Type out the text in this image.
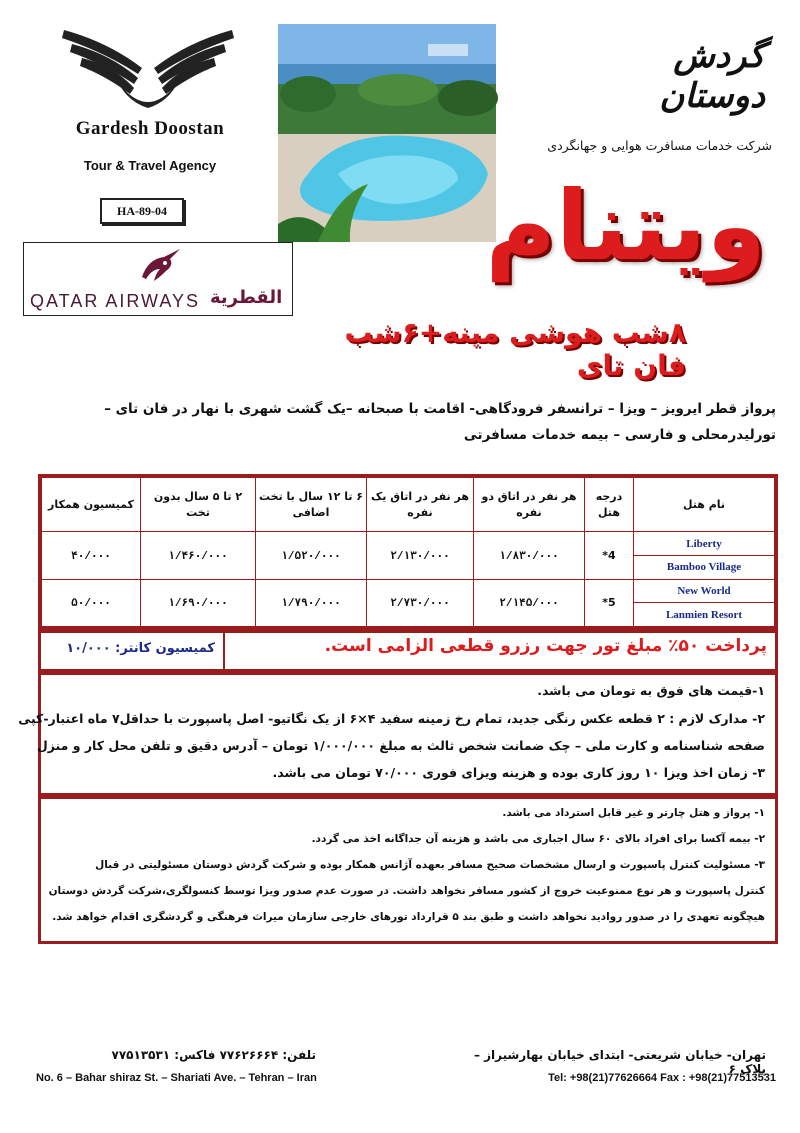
Gardesh Doostan
Tour & Travel Agency
HA-89-04
QATAR AIRWAYS القطرية
گردش دوستان
شرکت خدمات مسافرت هوایی و جهانگردی
ویتنام
۸شب هوشی مینه+۶شب فان تای
پرواز قطر ایرویز – ویزا – ترانسفر فرودگاهی- اقامت با صبحانه –یک گشت شهری با نهار در فان تای –
تورلیدرمحلی و فارسی – بیمه خدمات مسافرتی
نام هتل	درجه هتل	هر نفر در اتاق دو نفره	هر نفر در اتاق یک نفره	۶ تا ۱۲ سال با تخت اضافی	۲ تا ۵ سال بدون تخت	کمیسیون همکار
Liberty	4*	۱/۸۳۰/۰۰۰	۲/۱۳۰/۰۰۰	۱/۵۲۰/۰۰۰	۱/۴۶۰/۰۰۰	۴۰/۰۰۰
Bamboo Village						
New World	5*	۲/۱۴۵/۰۰۰	۲/۷۳۰/۰۰۰	۱/۷۹۰/۰۰۰	۱/۶۹۰/۰۰۰	۵۰/۰۰۰
Lanmien Resort						
پرداخت ۵۰٪ مبلغ تور جهت رزرو قطعی الزامی است.
کمیسیون کانتر: ۱۰/۰۰۰
۱-قیمت های فوق به تومان می باشد.
۲- مدارک لازم : ۲ قطعه عکس رنگی جدید، تمام رخ زمینه سفید ۴×۶ از یک نگاتیو- اصل پاسپورت با حداقل۷ ماه اعتبار-کپی
صفحه شناسنامه و کارت ملی – چک ضمانت شخص ثالث به مبلغ ۱/۰۰۰/۰۰۰ تومان – آدرس دقیق و تلفن محل کار و منزل
۳- زمان اخذ ویزا ۱۰ روز کاری بوده و هزینه ویزای فوری ۷۰/۰۰۰ تومان می باشد.
۱- پرواز و هتل چارتر و غیر قابل استرداد می باشد.
۲- بیمه آکسا برای افراد بالای ۶۰ سال اجباری می باشد و هزینه آن جداگانه اخذ می گردد.
۳- مسئولیت کنترل پاسپورت و ارسال مشخصات صحیح مسافر بعهده آژانس همکار بوده و شرکت گردش دوستان مسئولیتی در قبال
کنترل پاسپورت و هر نوع ممنوعیت خروج از کشور مسافر نخواهد داشت. در صورت عدم صدور ویزا توسط کنسولگری،شرکت گردش دوستان
هیچگونه تعهدی را در صدور روادید نخواهد داشت و طبق بند ۵ قرارداد تورهای خارجی سازمان میراث فرهنگی و گردشگری اقدام خواهد شد.
تهران- خیابان شریعتی- ابتدای خیابان بهارشیراز – پلاک ۶
تلفن: ۷۷۶۲۶۶۶۴ فاکس: ۷۷۵۱۳۵۳۱
No. 6 – Bahar shiraz St. – Shariati Ave. – Tehran – Iran	Tel: +98(21)77626664 Fax : +98(21)77513531
